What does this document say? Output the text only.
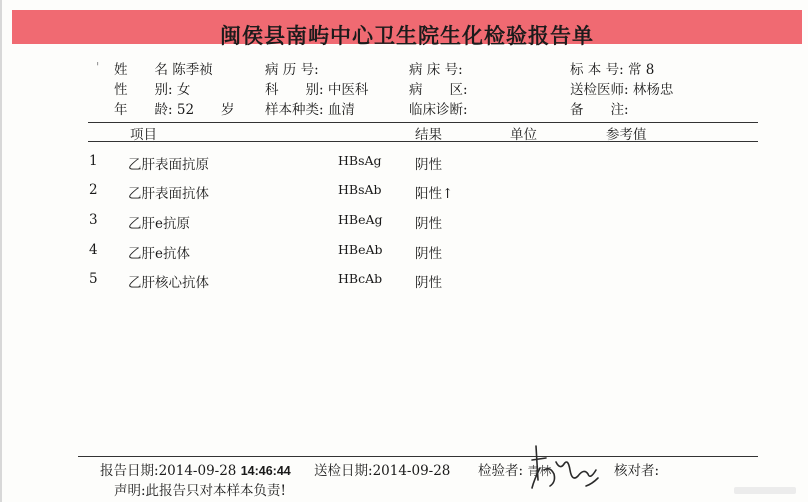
闽侯县南屿中心卫生院生化检验报告单
' 姓　　名 陈季祯	病 历 号:	病 床 号:	标 本 号: 常 8
性　　别: 女	科　　别: 中医科	病　　区:	送检医师: 林杨忠
年　　龄: 52　　岁 样本种类: 血清	临床诊断:	备　　注:
项目	结果	单位	参考值
1 乙肝表面抗原	HBsAg 阴性
2 乙肝表面抗体	HBsAb 阳性↑
3 乙肝e抗原	HBeAg 阴性
4 乙肝e抗体	HBeAb 阴性
5 乙肝核心抗体	HBcAb 阴性
报告日期:2014-09-28 14:46:44 送检日期:2014-09-28 检验者: 青林	核对者:
声明:此报告只对本样本负责!
